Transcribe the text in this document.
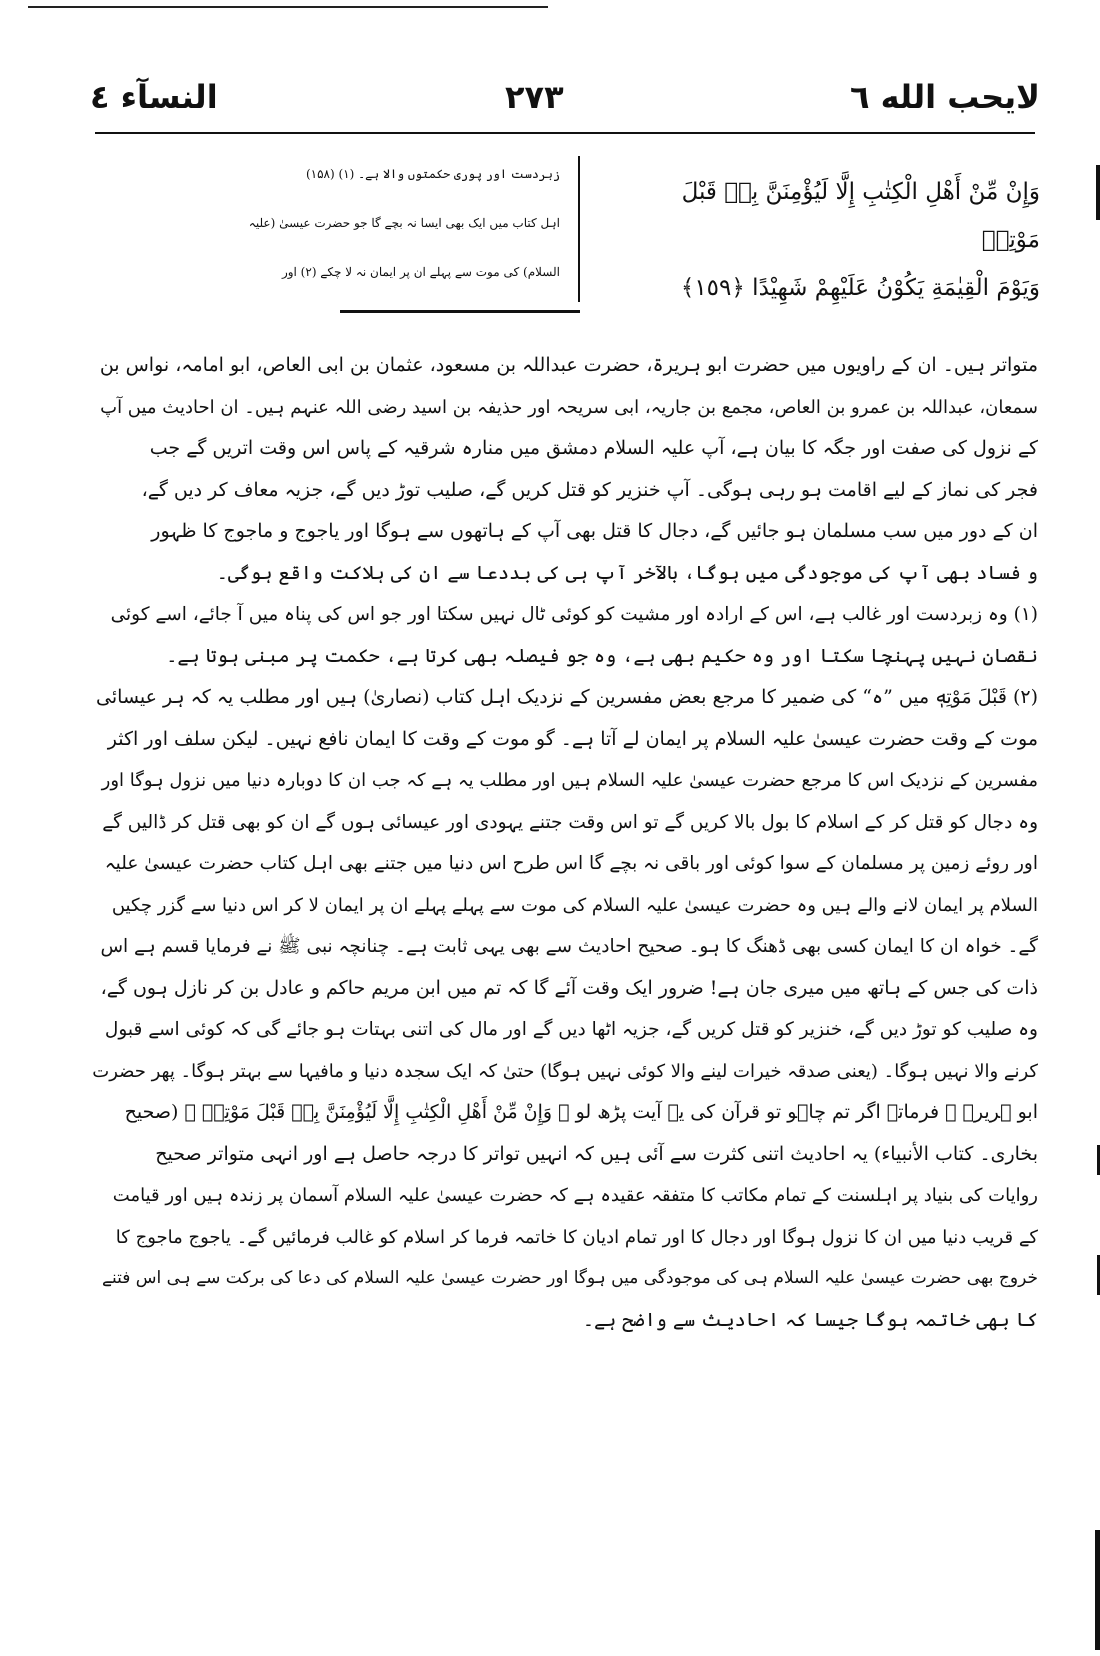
لايحب الله ٦
٢٧٣
النسآء ٤
وَإِنْ مِّنْ أَهْلِ الْكِتٰبِ إِلَّا لَيُؤْمِنَنَّ بِهٖ قَبْلَ مَوْتِهٖ
وَيَوْمَ الْقِيٰمَةِ يَكُوْنُ عَلَيْهِمْ شَهِيْدًا ﴿١٥٩﴾
زبردست اور پوری حکمتوں والا ہے۔ (۱) (۱۵۸)
اہل کتاب میں ایک بھی ایسا نہ بچے گا جو حضرت عیسیٰ (علیہ
السلام) کی موت سے پہلے ان پر ایمان نہ لا چکے (۲) اور
متواتر ہیں۔ ان کے راویوں میں حضرت ابو ہریرۃ، حضرت عبداللہ بن مسعود، عثمان بن ابی العاص، ابو امامہ، نواس بن
سمعان، عبداللہ بن عمرو بن العاص، مجمع بن جاریہ، ابی سریحہ اور حذیفہ بن اسید رضی اللہ عنہم ہیں۔ ان احادیث میں آپ
کے نزول کی صفت اور جگہ کا بیان ہے، آپ علیہ السلام دمشق میں منارہ شرقیہ کے پاس اس وقت اتریں گے جب
فجر کی نماز کے لیے اقامت ہو رہی ہوگی۔ آپ خنزیر کو قتل کریں گے، صلیب توڑ دیں گے، جزیہ معاف کر دیں گے،
ان کے دور میں سب مسلمان ہو جائیں گے، دجال کا قتل بھی آپ کے ہاتھوں سے ہوگا اور یاجوج و ماجوج کا ظہور
و فساد بھی آپ کی موجودگی میں ہوگا، بالآخر آپ ہی کی بددعا سے ان کی ہلاکت واقع ہوگی۔
(۱) وہ زبردست اور غالب ہے، اس کے ارادہ اور مشیت کو کوئی ٹال نہیں سکتا اور جو اس کی پناہ میں آ جائے، اسے کوئی
نقصان نہیں پہنچا سکتا اور وہ حکیم بھی ہے، وہ جو فیصلہ بھی کرتا ہے، حکمت پر مبنی ہوتا ہے۔
(۲) قَبْلَ مَوْتِهٖ میں ”ہ“ کی ضمیر کا مرجع بعض مفسرین کے نزدیک اہل کتاب (نصاریٰ) ہیں اور مطلب یہ کہ ہر عیسائی
موت کے وقت حضرت عیسیٰ علیہ السلام پر ایمان لے آتا ہے۔ گو موت کے وقت کا ایمان نافع نہیں۔ لیکن سلف اور اکثر
مفسرین کے نزدیک اس کا مرجع حضرت عیسیٰ علیہ السلام ہیں اور مطلب یہ ہے کہ جب ان کا دوبارہ دنیا میں نزول ہوگا اور
وہ دجال کو قتل کر کے اسلام کا بول بالا کریں گے تو اس وقت جتنے یہودی اور عیسائی ہوں گے ان کو بھی قتل کر ڈالیں گے
اور روئے زمین پر مسلمان کے سوا کوئی اور باقی نہ بچے گا اس طرح اس دنیا میں جتنے بھی اہل کتاب حضرت عیسیٰ علیہ
السلام پر ایمان لانے والے ہیں وہ حضرت عیسیٰ علیہ السلام کی موت سے پہلے پہلے ان پر ایمان لا کر اس دنیا سے گزر چکیں
گے۔ خواہ ان کا ایمان کسی بھی ڈھنگ کا ہو۔ صحیح احادیث سے بھی یہی ثابت ہے۔ چنانچہ نبی ﷺ نے فرمایا قسم ہے اس
ذات کی جس کے ہاتھ میں میری جان ہے! ضرور ایک وقت آئے گا کہ تم میں ابن مریم حاکم و عادل بن کر نازل ہوں گے،
وہ صلیب کو توڑ دیں گے، خنزیر کو قتل کریں گے، جزیہ اٹھا دیں گے اور مال کی اتنی بہتات ہو جائے گی کہ کوئی اسے قبول
کرنے والا نہیں ہوگا۔ (یعنی صدقہ خیرات لینے والا کوئی نہیں ہوگا) حتیٰ کہ ایک سجدہ دنیا و مافیہا سے بہتر ہوگا۔ پھر حضرت
ابو ہریرۃ ؓ فرماتے اگر تم چاہو تو قرآن کی یہ آیت پڑھ لو ﴿ وَإِنْ مِّنْ أَهْلِ الْكِتٰبِ إِلَّا لَيُؤْمِنَنَّ بِهٖ قَبْلَ مَوْتِهٖ ﴾ (صحیح
بخاری۔ کتاب الأنبیاء) یہ احادیث اتنی کثرت سے آئی ہیں کہ انہیں تواتر کا درجہ حاصل ہے اور انہی متواتر صحیح
روایات کی بنیاد پر اہلسنت کے تمام مکاتب کا متفقہ عقیدہ ہے کہ حضرت عیسیٰ علیہ السلام آسمان پر زندہ ہیں اور قیامت
کے قریب دنیا میں ان کا نزول ہوگا اور دجال کا اور تمام ادیان کا خاتمہ فرما کر اسلام کو غالب فرمائیں گے۔ یاجوج ماجوج کا
خروج بھی حضرت عیسیٰ علیہ السلام ہی کی موجودگی میں ہوگا اور حضرت عیسیٰ علیہ السلام کی دعا کی برکت سے ہی اس فتنے
کا بھی خاتمہ ہوگا جیسا کہ احادیث سے واضح ہے۔
